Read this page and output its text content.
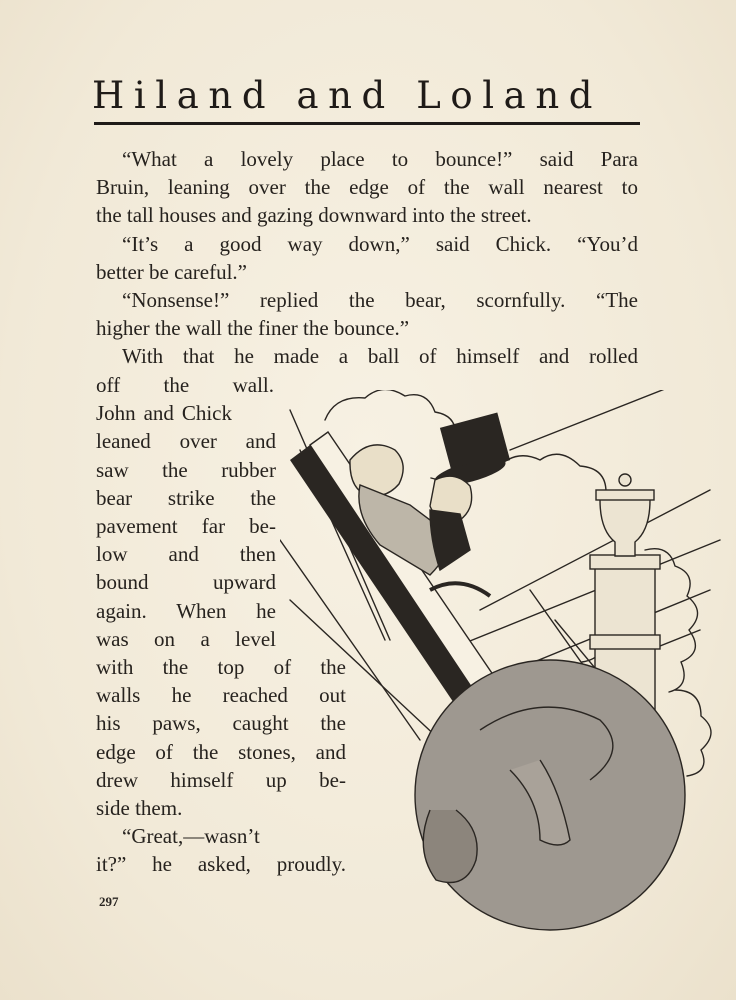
Hiland and Loland
“What a lovely place to bounce!” said Para
Bruin, leaning over the edge of the wall nearest to
the tall houses and gazing downward into the street.
“It’s a good way down,” said Chick. “You’d
better be careful.”
“Nonsense!” replied the bear, scornfully. “The
higher the wall the finer the bounce.”
With that he made a ball of himself and rolled
off the wall.
John and Chick
leaned over and
saw the rubber
bear strike the
pavement far be-
low and then
bound upward
again. When he
was on a level
with the top of the
walls he reached out
his paws, caught the
edge of the stones, and
drew himself up be-
side them.
“Great,—wasn’t
it?” he asked, proudly.
297
